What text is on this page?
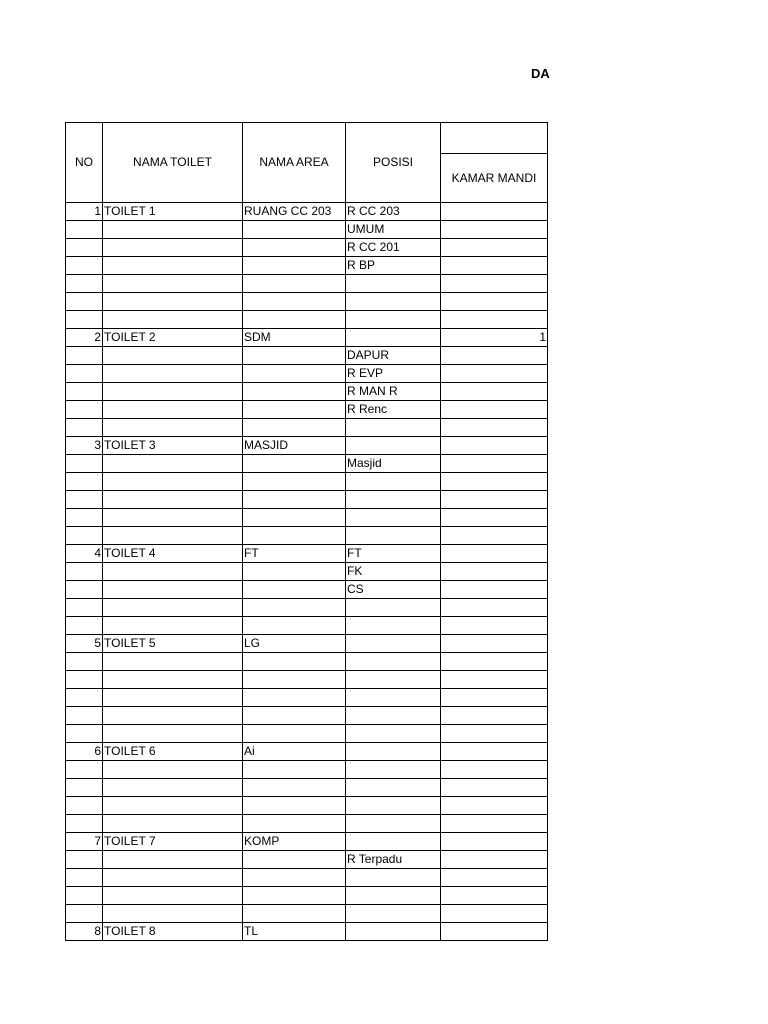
DA
NO	NAMA TOILET	NAMA AREA	POSISI	
				KAMAR MANDI
1	TOILET 1	RUANG CC 203	R CC 203	
			UMUM	
			R CC 201	
			R BP	

2	TOILET 2	SDM		1
			DAPUR	
			R EVP	
			R MAN R	
			R Renc	

3	TOILET 3	MASJID		
			Masjid	

4	TOILET 4	FT	FT	
			FK	
			CS	

5	TOILET 5	LG		

6	TOILET 6	Ai		

7	TOILET 7	KOMP		
			R Terpadu	

8	TOILET 8	TL		
